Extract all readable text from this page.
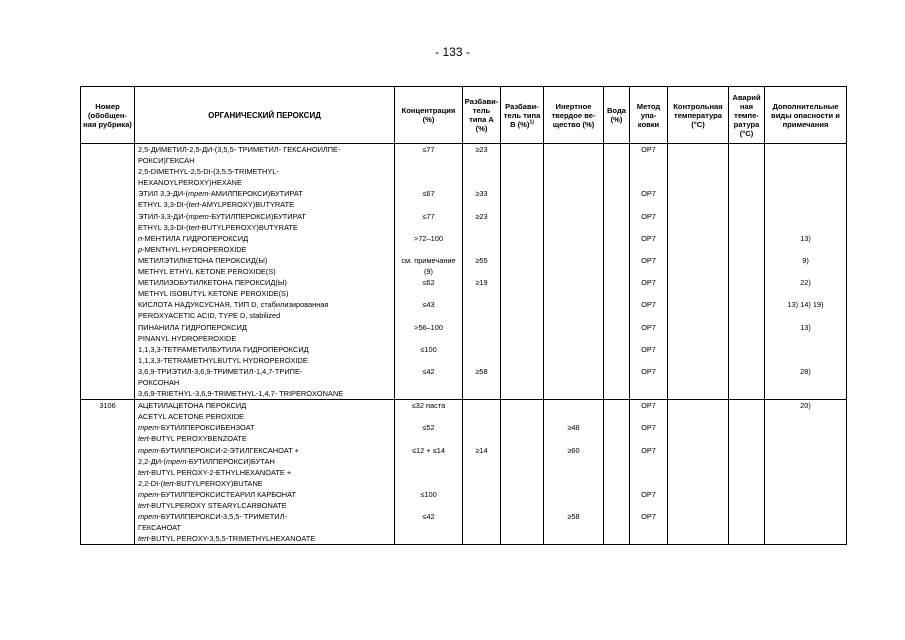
- 133 -
Номер (обобщен-ная рубрика)	ОРГАНИЧЕСКИЙ ПЕРОКСИД	Концентрация (%)	Разбави-тель типа А (%)	Разбави-тель типа В (%)$^{1)}$	Инертное твердое ве-щество (%)	Вода (%)	Метод упа-ковки	Контрольная температура (°C)	Аварий ная темпе-ратура (°C)	Дополнительные виды опасности и примечания

	2,5-ДИМЕТИЛ-2,5-ДИ-(3,5,5- ТРИМЕТИЛ- ГЕКСАНОИЛПЕ-
РОКСИ)ГЕКСАН
2,5-DIMETHYL-2,5-DI-(3,5,5-TRIMETHYL-
HEXANOYLPEROXY)HEXANE	≤77	≥23				OP7			

	ЭТИЛ 3,3-ДИ-(трет-АМИЛПЕРОКСИ)БУТИРАТ
ETHYL 3,3-DI-(tert-AMYLPEROXY)BUTYRATE	≤67	≥33				OP7			

	ЭТИЛ-3,3-ДИ-(трет-БУТИЛПЕРОКСИ)БУТИРАТ
ETHYL 3,3-DI-(tert-BUTYLPEROXY)BUTYRATE	≤77	≥23				OP7			

	п-МЕНТИЛА ГИДРОПЕРОКСИД
p-MENTHYL HYDROPEROXIDE	>72–100					OP7			13)

	МЕТИЛЭТИЛКЕТОНА ПЕРОКСИД(Ы)
METHYL ETHYL KETONE PEROXIDE(S)	см. примечание (9)	≥55				OP7			9)

	МЕТИЛИЗОБУТИЛКЕТОНА ПЕРОКСИД(Ы)
METHYL ISOBUTYL KETONE PEROXIDE(S)	≤62	≥19				OP7			22)

	КИСЛОТА НАДУКСУСНАЯ, ТИП D, стабилизированная
PEROXYACETIC ACID, TYPE D, stabilized	≤43					OP7			13) 14) 19)

	ПИНАНИЛА ГИДРОПЕРОКСИД
PINANYL HYDROPEROXIDE	>56–100					OP7			13)

	1,1,3,3-ТЕТРАМЕТИЛБУТИЛА ГИДРОПЕРОКСИД
1,1,3,3-TETRAMETHYLBUTYL HYDROPEROXIDE	≤100					OP7			

	3,6,9-ТРИЭТИЛ-3,6,9-ТРИМЕТИЛ-1,4,7-ТРИПЕ-
РОКСОНАН
3,6,9-TRIETHYL-3,6,9-TRIMETHYL-1,4,7- TRIPEROXONANE	≤42	≥58				OP7			28)
3106	АЦЕТИЛАЦЕТОНА ПЕРОКСИД
ACETYL ACETONE PEROXIDE	≤32 паста					OP7			20)

	трет-БУТИЛПЕРОКСИБЕНЗОАТ
tert-BUTYL PEROXYBENZOATE	≤52			≥48		OP7			

	трет-БУТИЛПЕРОКСИ-2-ЭТИЛГЕКСАНОАТ +
2,2-ДИ-(трет-БУТИЛПЕРОКСИ)БУТАН
tert-BUTYL PEROXY-2-ETHYLHEXANOATE +
2,2-DI-(tert-BUTYLPEROXY)BUTANE	≤12 + ≤14	≥14		≥60		OP7			

	трет-БУТИЛПЕРОКСИСТЕАРИЛ КАРБОНАТ
tert-BUTYLPEROXY STEARYLCARBONATE	≤100					OP7			

	трет-БУТИЛПЕРОКСИ-3,5,5- ТРИМЕТИЛ-
ГЕКСАНОАТ
tert-BUTYL PEROXY-3,5,5-TRIMETHYLHEXANOATE	≤42			≥58		OP7			
